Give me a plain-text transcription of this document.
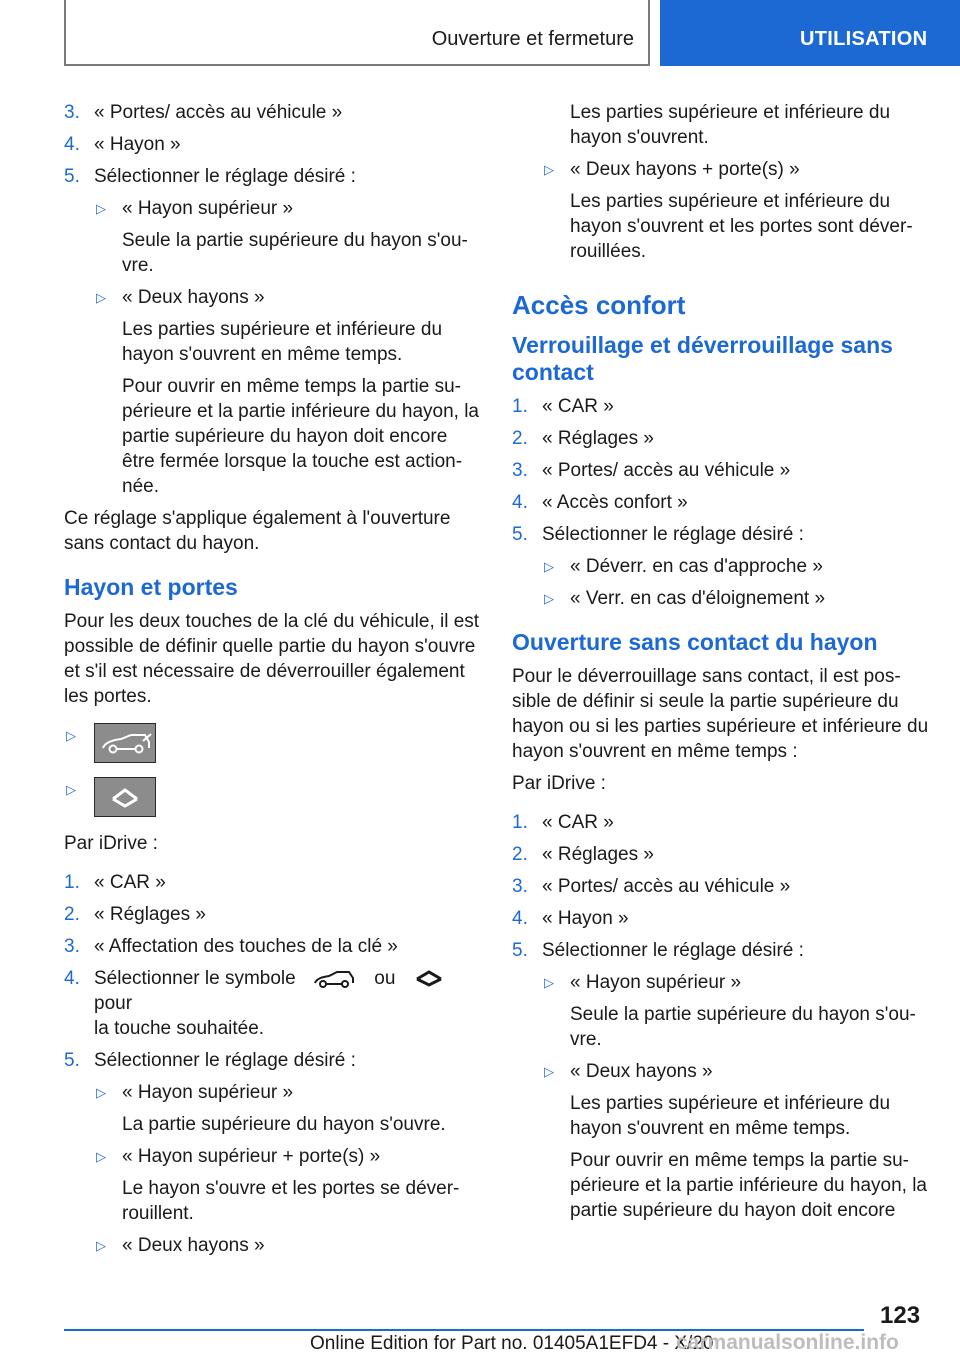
Ouverture et fermeture	UTILISATION
3. « Portes/ accès au véhicule »
4. « Hayon »
5. Sélectionner le réglage désiré :
▷ « Hayon supérieur »
Seule la partie supérieure du hayon s'ou-
vre.
▷ « Deux hayons »
Les parties supérieure et inférieure du
hayon s'ouvrent en même temps.
Pour ouvrir en même temps la partie su-
périeure et la partie inférieure du hayon, la
partie supérieure du hayon doit encore
être fermée lorsque la touche est action-
née.
Ce réglage s'applique également à l'ouverture
sans contact du hayon.
Hayon et portes
Pour les deux touches de la clé du véhicule, il est
possible de définir quelle partie du hayon s'ouvre
et s'il est nécessaire de déverrouiller également
les portes.
▷
▷
Par iDrive :
1. « CAR »
2. « Réglages »
3. « Affectation des touches de la clé »
4. Sélectionner le symbole	ou  pour
la touche souhaitée.
5. Sélectionner le réglage désiré :
▷ « Hayon supérieur »
La partie supérieure du hayon s'ouvre.
▷ « Hayon supérieur + porte(s) »
Le hayon s'ouvre et les portes se déver-
rouillent.
▷ « Deux hayons »
Les parties supérieure et inférieure du
hayon s'ouvrent.
▷ « Deux hayons + porte(s) »
Les parties supérieure et inférieure du
hayon s'ouvrent et les portes sont déver-
rouillées.
Accès confort
Verrouillage et déverrouillage sans
contact
1. « CAR »
2. « Réglages »
3. « Portes/ accès au véhicule »
4. « Accès confort »
5. Sélectionner le réglage désiré :
▷ « Déverr. en cas d'approche »
▷ « Verr. en cas d'éloignement »
Ouverture sans contact du hayon
Pour le déverrouillage sans contact, il est pos-
sible de définir si seule la partie supérieure du
hayon ou si les parties supérieure et inférieure du
hayon s'ouvrent en même temps :
Par iDrive :
1. « CAR »
2. « Réglages »
3. « Portes/ accès au véhicule »
4. « Hayon »
5. Sélectionner le réglage désiré :
▷ « Hayon supérieur »
Seule la partie supérieure du hayon s'ou-
vre.
▷ « Deux hayons »
Les parties supérieure et inférieure du
hayon s'ouvrent en même temps.
Pour ouvrir en même temps la partie su-
périeure et la partie inférieure du hayon, la
partie supérieure du hayon doit encore
123
Online Edition for Part no. 01405A1EFD4 - X/20
carmanualsonline.info
